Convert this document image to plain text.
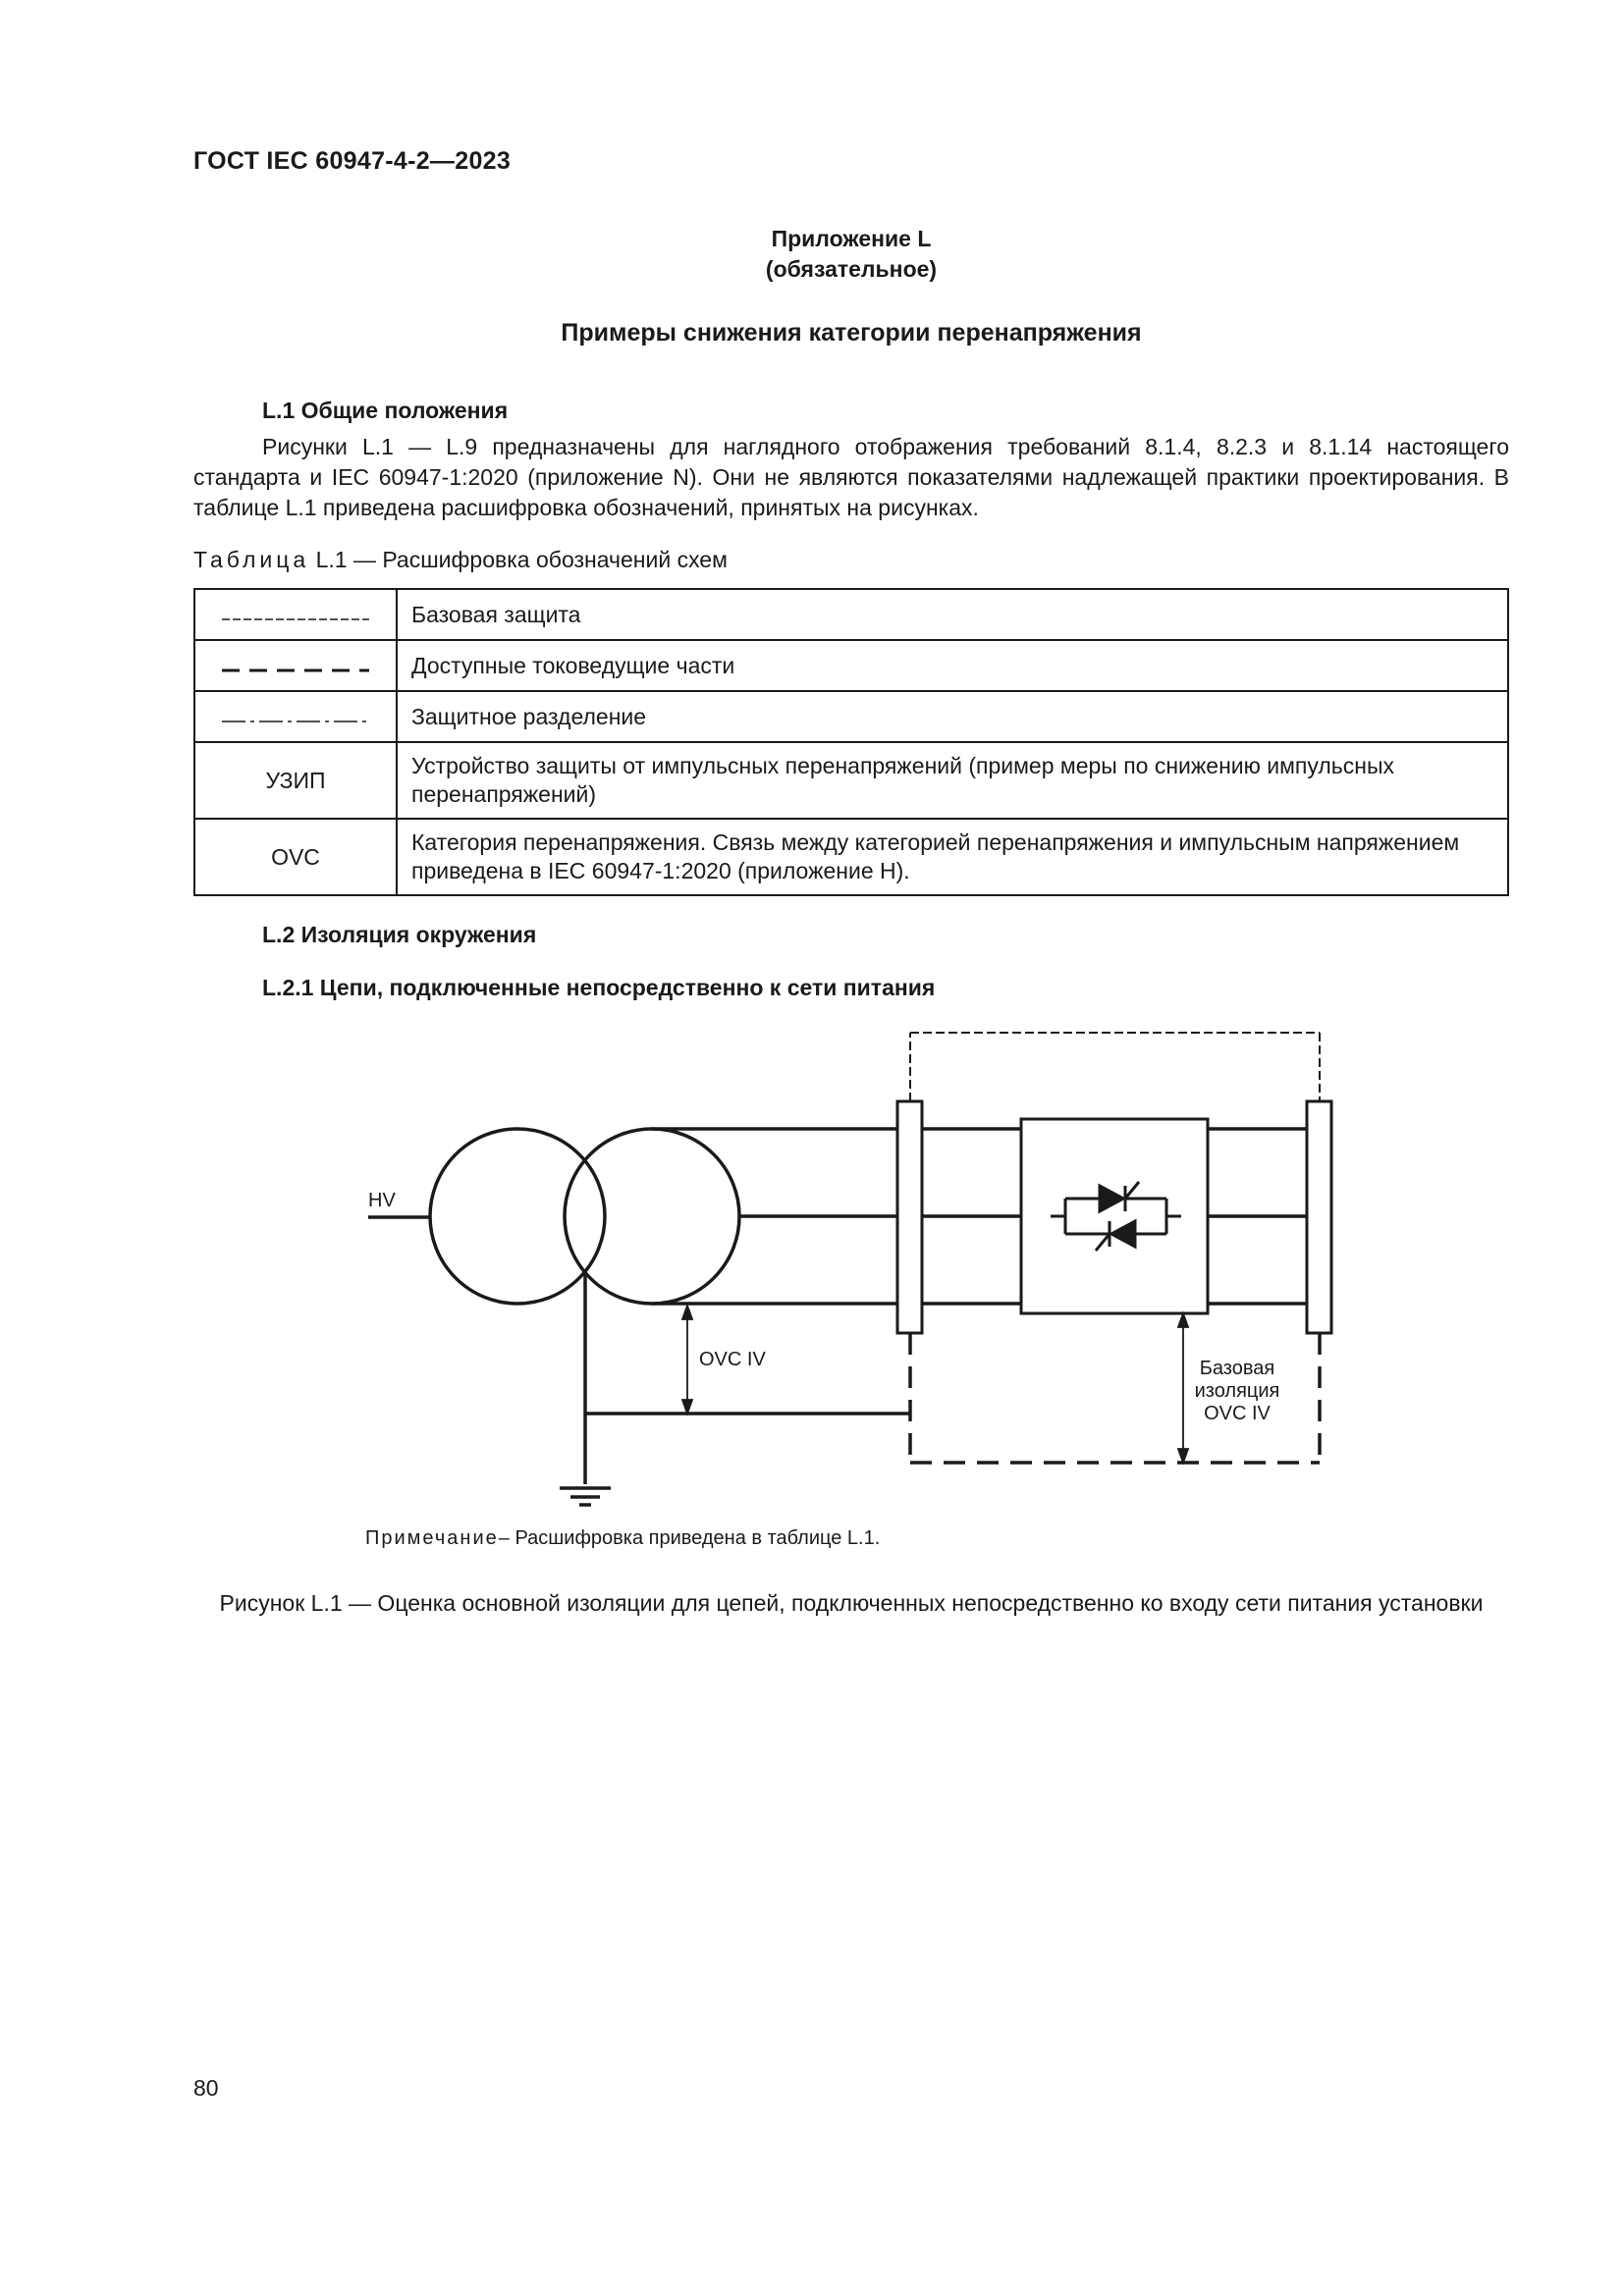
ГОСТ IEC 60947-4-2—2023
Приложение L
(обязательное)
Примеры снижения категории перенапряжения
L.1 Общие положения
Рисунки L.1 — L.9 предназначены для наглядного отображения требований 8.1.4, 8.2.3 и 8.1.14 настоящего стандарта и IEC 60947-1:2020 (приложение N). Они не являются показателями надлежащей практики проектирования. В таблице L.1 приведена расшифровка обозначений, принятых на рисунках.
Таблица L.1 — Расшифровка обозначений схем
	Базовая защита
	Доступные токоведущие части
	Защитное разделение
УЗИП	Устройство защиты от импульсных перенапряжений (пример меры по снижению импульсных перенапряжений)
OVC	Категория перенапряжения. Связь между категорией перенапряжения и импульсным напряжением приведена в IEC 60947-1:2020 (приложение H).
L.2 Изоляция окружения
L.2.1 Цепи, подключенные непосредственно к сети питания
HV
OVC IV	Базовая
изоляция
OVC IV
Примечание– Расшифровка приведена в таблице L.1.
Рисунок L.1 — Оценка основной изоляции для цепей, подключенных непосредственно ко входу сети питания установки
80
